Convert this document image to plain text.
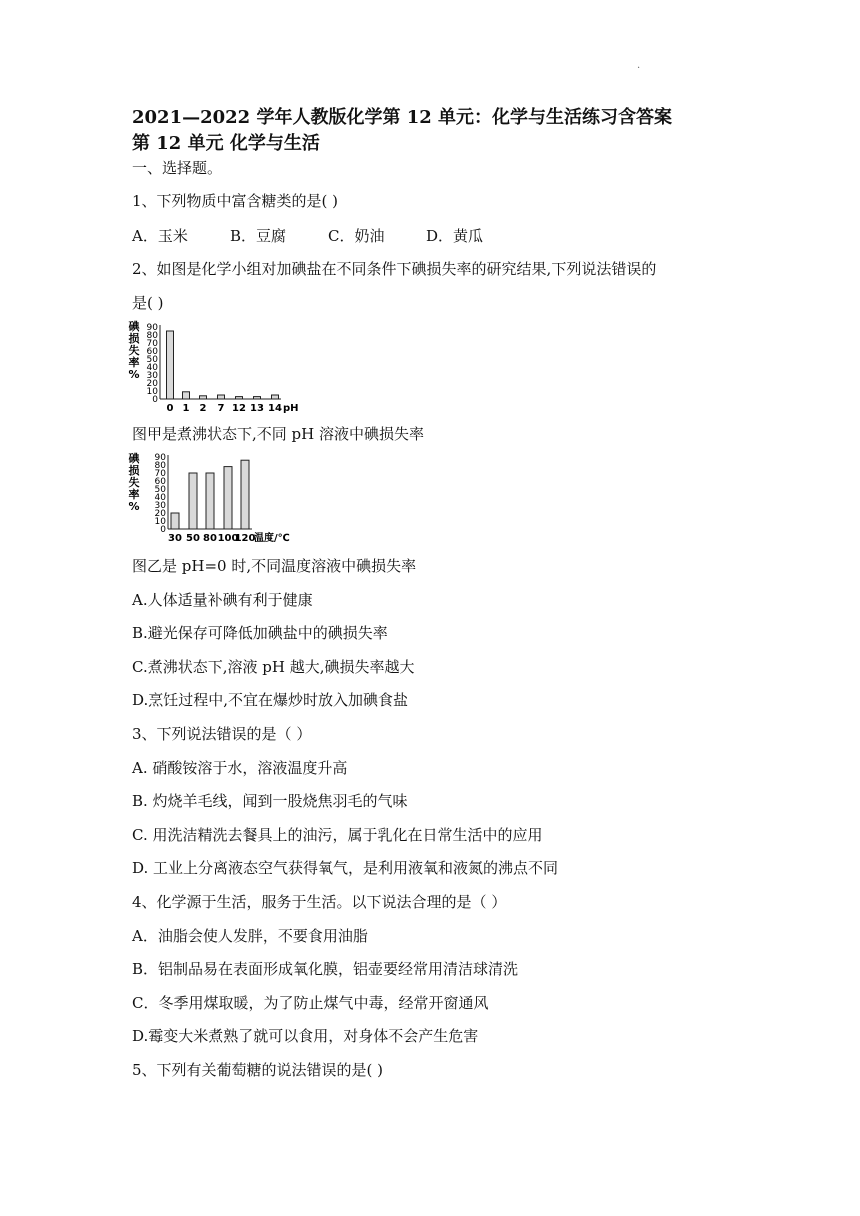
.
2021—2022 学年人教版化学第 12 单元：化学与生活练习含答案
第 12 单元 化学与生活
一、选择题。
1、下列物质中富含糖类的是( )
A．玉米	B．豆腐	C．奶油	D．黄瓜
2、如图是化学小组对加碘盐在不同条件下碘损失率的研究结果,下列说法错误的
是( )
碘
损
失
率
%
0
10
20
30
40
50
60
70
80
90
0 1 2 7 12 13 14 pH
图甲是煮沸状态下,不同 pH 溶液中碘损失率
碘
损
失
率
%
0
10
20
30
40
50
60
70
80
90
30 50 80 100
120
温度/℃
图乙是 pH=0 时,不同温度溶液中碘损失率
A.人体适量补碘有利于健康
B.避光保存可降低加碘盐中的碘损失率
C.煮沸状态下,溶液 pH 越大,碘损失率越大
D.烹饪过程中,不宜在爆炒时放入加碘食盐
3、下列说法错误的是（ ）
A. 硝酸铵溶于水，溶液温度升高
B. 灼烧羊毛线，闻到一股烧焦羽毛的气味
C. 用洗洁精洗去餐具上的油污，属于乳化在日常生活中的应用
D. 工业上分离液态空气获得氧气，是利用液氧和液氮的沸点不同
4、化学源于生活，服务于生活。以下说法合理的是（ ）
A．油脂会使人发胖，不要食用油脂
B．铝制品易在表面形成氧化膜，铝壶要经常用清洁球清洗
C．冬季用煤取暖，为了防止煤气中毒，经常开窗通风
D.霉变大米煮熟了就可以食用，对身体不会产生危害
5、下列有关葡萄糖的说法错误的是( )
